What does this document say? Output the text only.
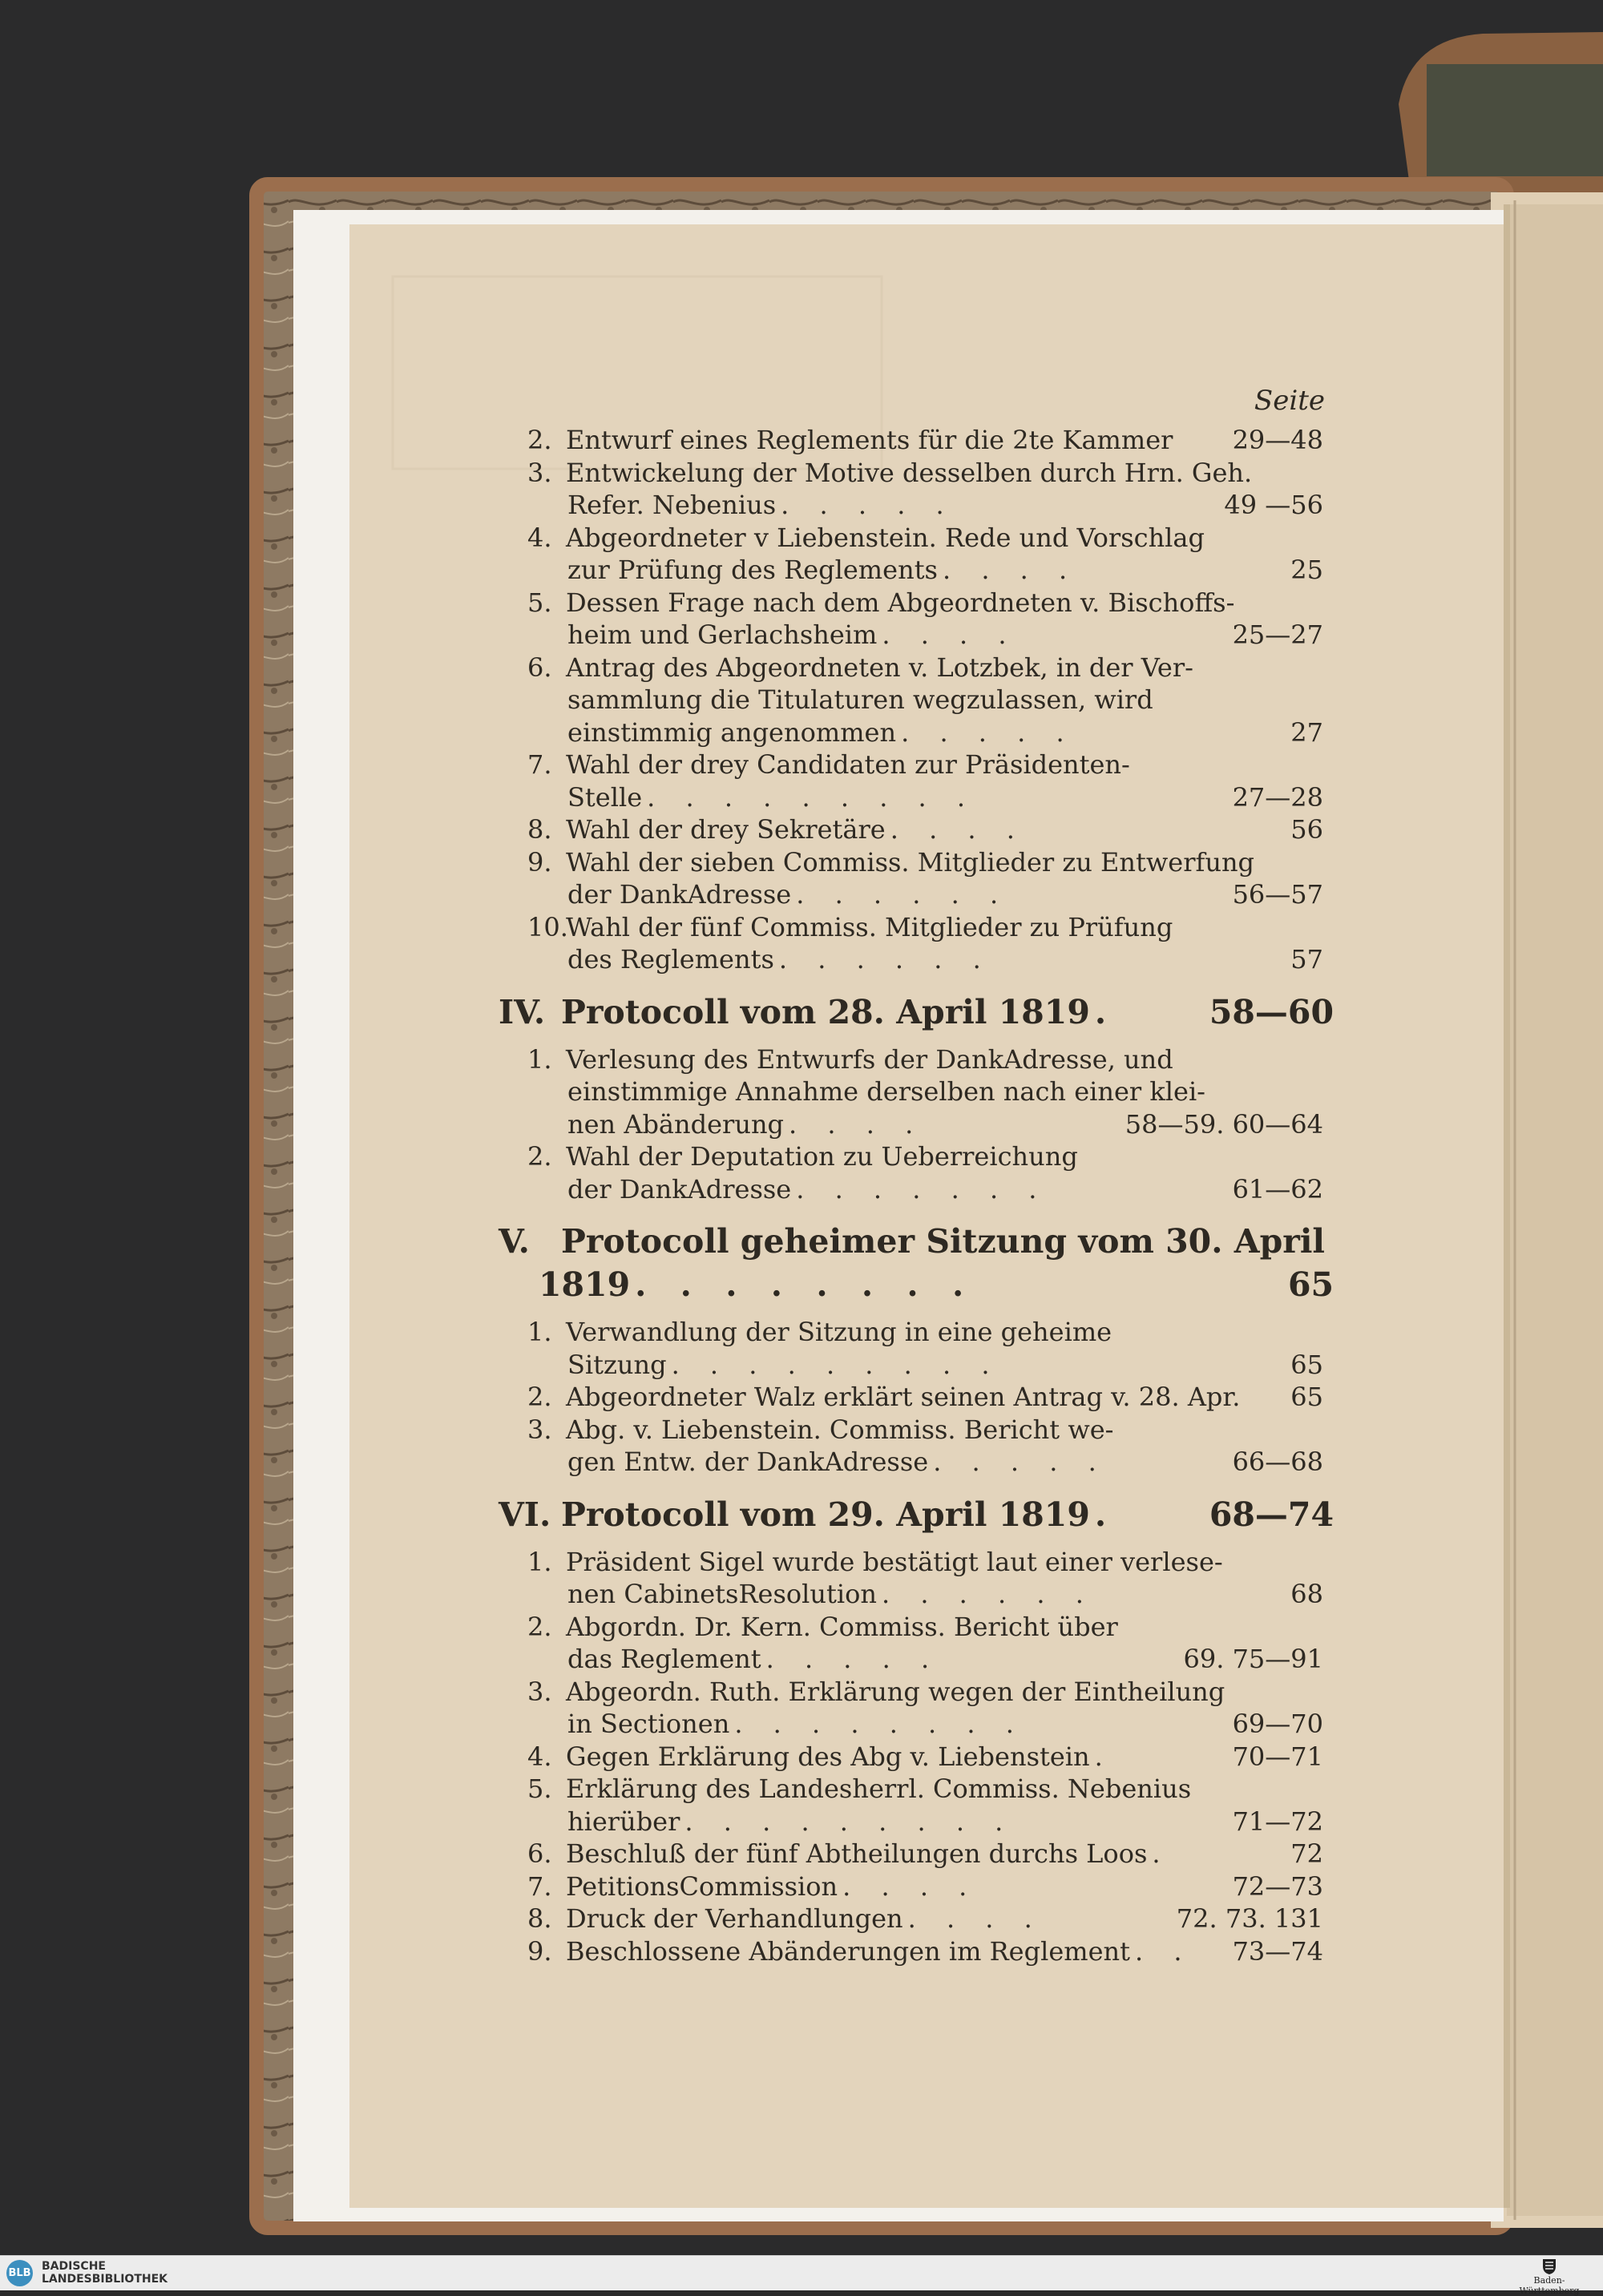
Seite
2. Entwurf eines Reglements für die 2te Kammer 29—48
3. Entwickelung der Motive desselben durch Hrn. Geh.
Refer. Nebenius . . . . .	49 —56
4. Abgeordneter v Liebenstein. Rede und Vorschlag
zur Prüfung des Reglements . . . .	25
5. Dessen Frage nach dem Abgeordneten v. Bischoffs-
heim und Gerlachsheim . . . .	25—27
6. Antrag des Abgeordneten v. Lotzbek, in der Ver-
sammlung die Titulaturen wegzulassen, wird
einstimmig angenommen . . . . .	27
7. Wahl der drey Candidaten zur Präsidenten-
Stelle . . . . . . . . .	27—28
8. Wahl der drey Sekretäre . . . .	56
9. Wahl der sieben Commiss. Mitglieder zu Entwerfung
der DankAdresse . . . . . .	56—57
10.Wahl der fünf Commiss. Mitglieder zu Prüfung
des Reglements . . . . . .	57
IV. Protocoll vom 28. April 1819 .	58—60
1. Verlesung des Entwurfs der DankAdresse, und
einstimmige Annahme derselben nach einer klei-
nen Abänderung . . . .	58—59. 60—64
2. Wahl der Deputation zu Ueberreichung
der DankAdresse . . . . . . .	61—62
V. Protocoll geheimer Sitzung vom 30. April
1819 . . . . . . . .	65
1. Verwandlung der Sitzung in eine geheime
Sitzung . . . . . . . . .	65
2. Abgeordneter Walz erklärt seinen Antrag v. 28. Apr. 65
3. Abg. v. Liebenstein. Commiss. Bericht we-
gen Entw. der DankAdresse . . . . .	66—68
VI. Protocoll vom 29. April 1819 .	68—74
1. Präsident Sigel wurde bestätigt laut einer verlese-
nen CabinetsResolution . . . . . .	68
2. Abgordn. Dr. Kern. Commiss. Bericht über
das Reglement . . . . .	69. 75—91
3. Abgeordn. Ruth. Erklärung wegen der Eintheilung
in Sectionen . . . . . . . .	69—70
4. Gegen Erklärung des Abg v. Liebenstein .	70—71
5. Erklärung des Landesherrl. Commiss. Nebenius
hierüber . . . . . . . . .	71—72
6. Beschluß der fünf Abtheilungen durchs Loos .	72
7. PetitionsCommission . . . .	72—73
8. Druck der Verhandlungen . . . .	72. 73. 131
9. Beschlossene Abänderungen im Reglement . . 73—74
BLB
BADISCHE
LANDESBIBLIOTHEK	Baden-Württemberg
